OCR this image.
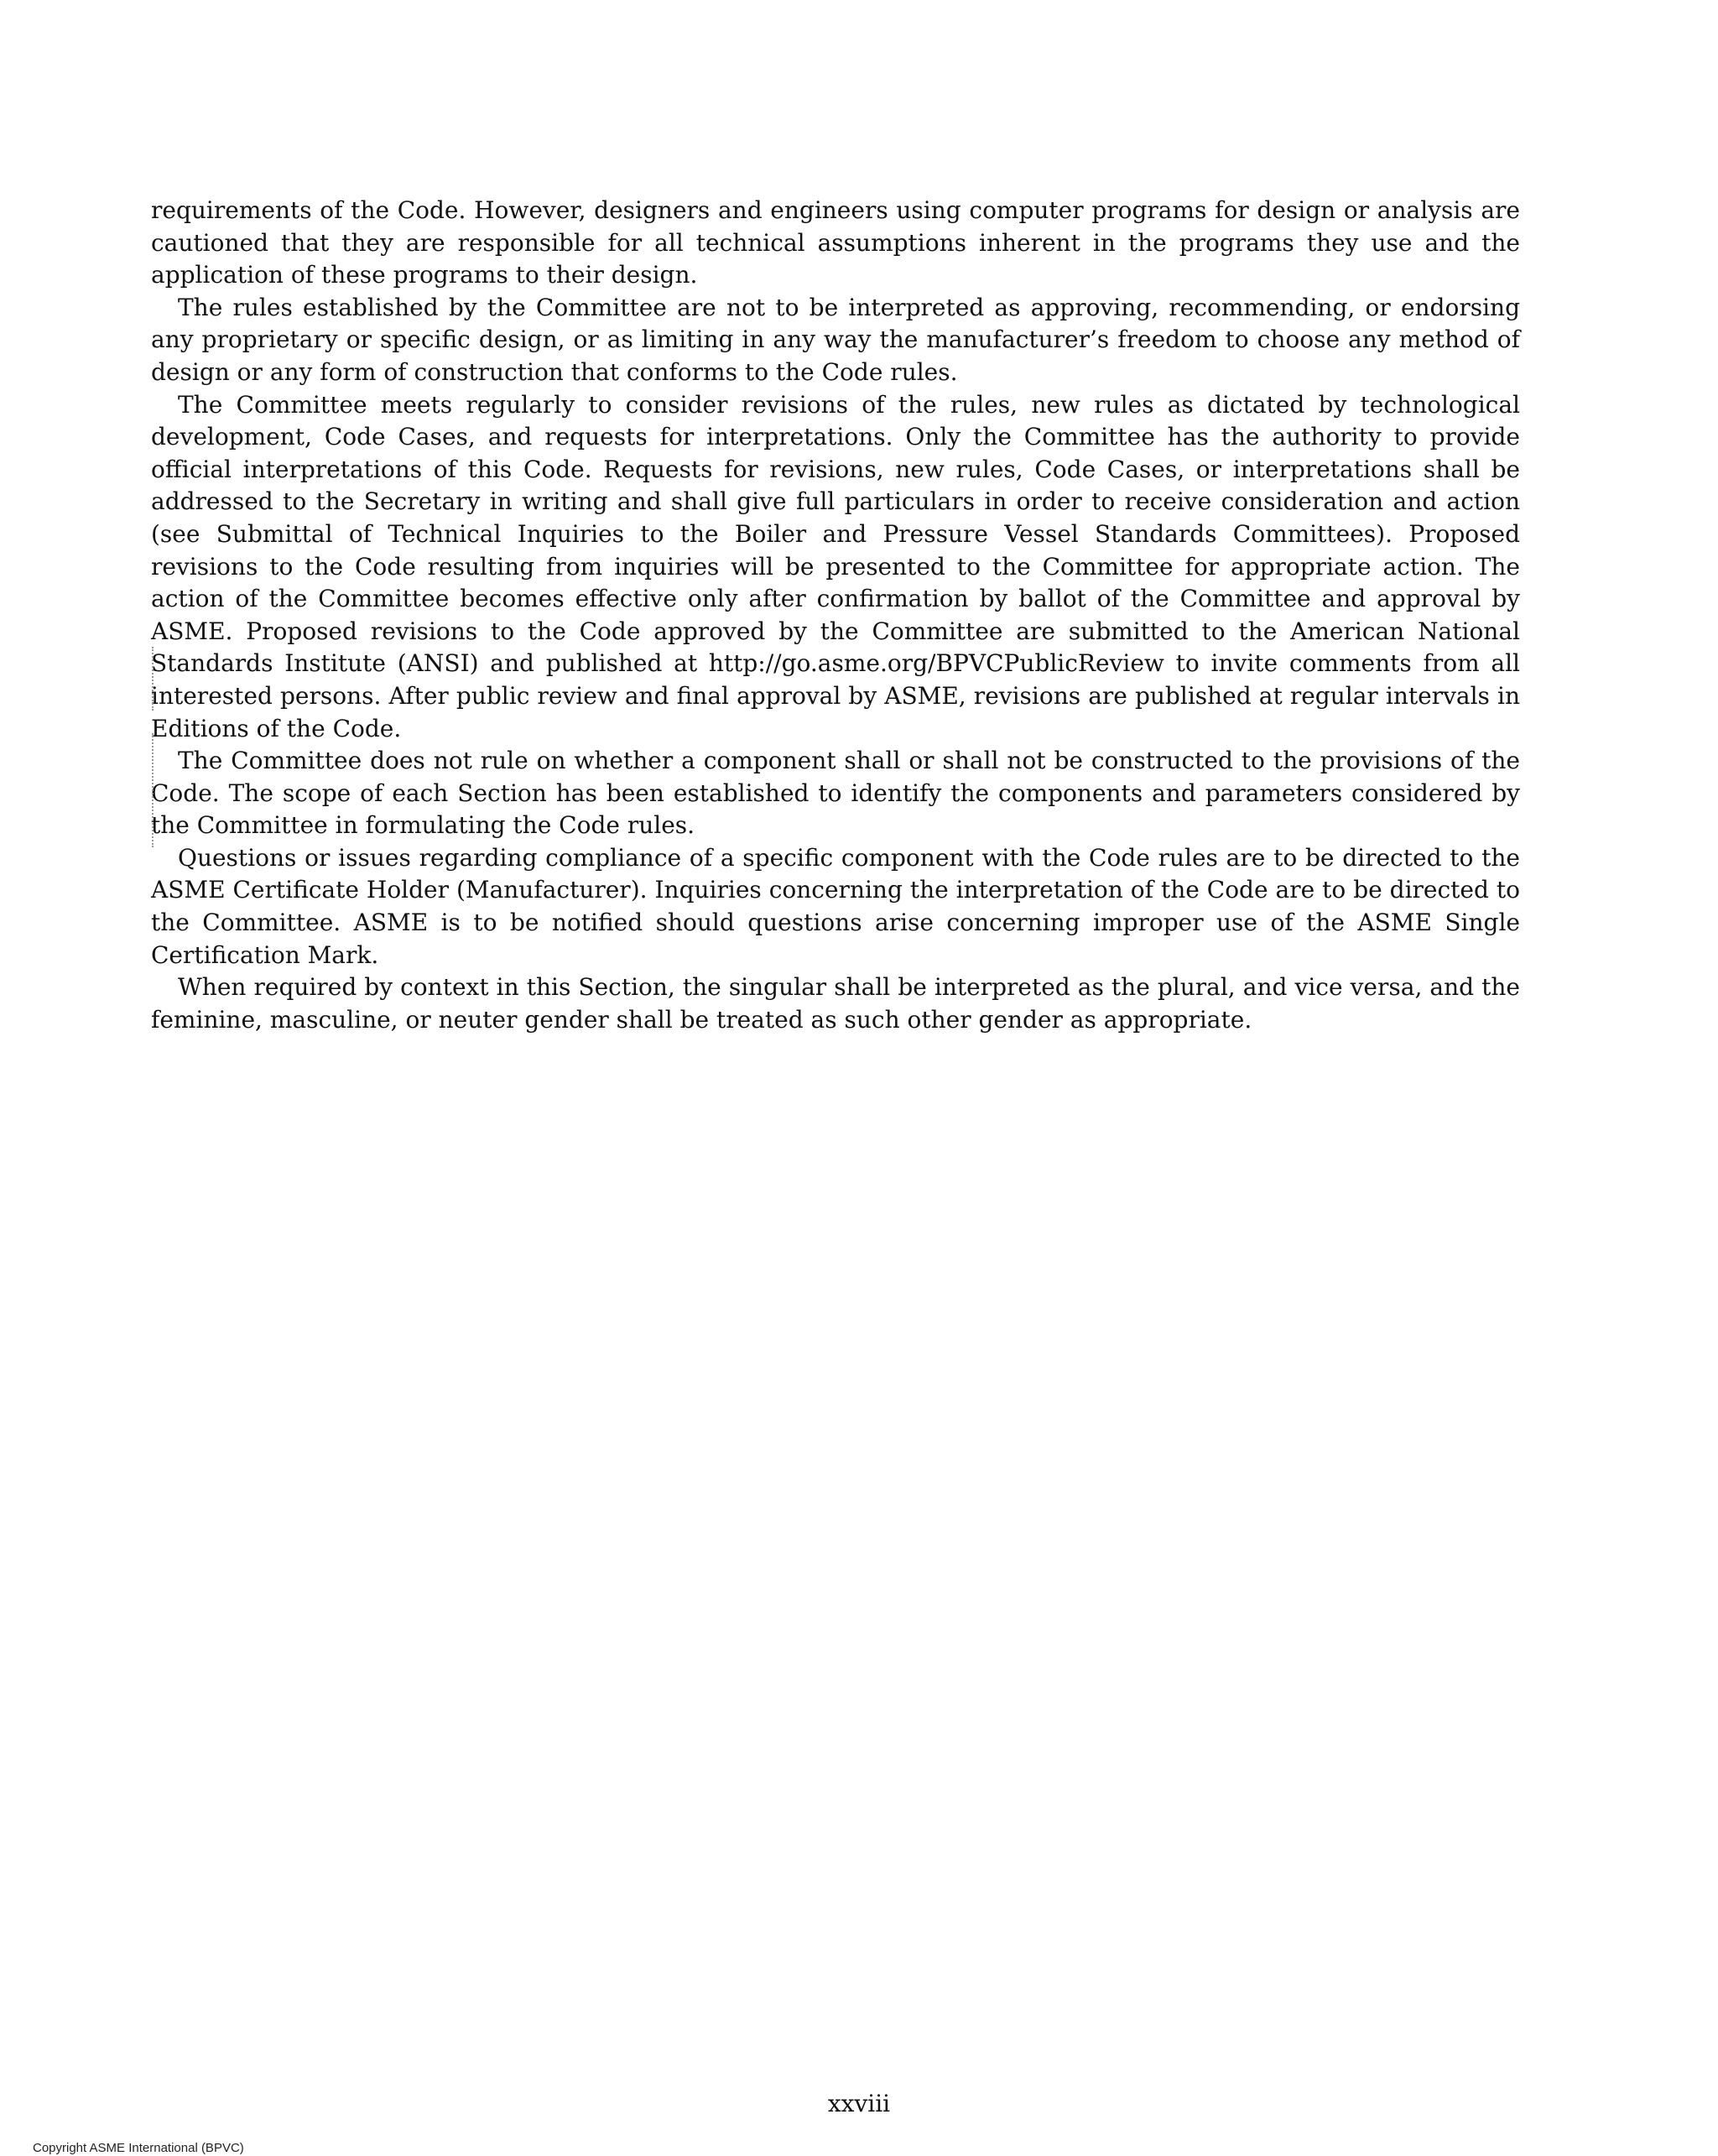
requirements of the Code. However, designers and engineers using computer programs for design or analysis are cautioned that they are responsible for all technical assumptions inherent in the programs they use and the application of these programs to their design.

The rules established by the Committee are not to be interpreted as approving, recommending, or endorsing any proprietary or specific design, or as limiting in any way the manufacturer’s freedom to choose any method of design or any form of construction that conforms to the Code rules.

The Committee meets regularly to consider revisions of the rules, new rules as dictated by technological development, Code Cases, and requests for interpretations. Only the Committee has the authority to provide official interpretations of this Code. Requests for revisions, new rules, Code Cases, or interpretations shall be addressed to the Secretary in writing and shall give full particulars in order to receive consideration and action (see Submittal of Technical Inquiries to the Boiler and Pressure Vessel Standards Committees). Proposed revisions to the Code resulting from inquiries will be presented to the Committee for appropriate action. The action of the Committee becomes effective only after confirmation by ballot of the Committee and approval by ASME. Proposed revisions to the Code approved by the Committee are submitted to the American National Standards Institute (ANSI) and published at http://go.asme.org/BPVCPublicReview to invite comments from all interested persons. After public review and final approval by ASME, revisions are published at regular intervals in Editions of the Code.

The Committee does not rule on whether a component shall or shall not be constructed to the provisions of the Code. The scope of each Section has been established to identify the components and parameters considered by the Committee in formulating the Code rules.

Questions or issues regarding compliance of a specific component with the Code rules are to be directed to the ASME Certificate Holder (Manufacturer). Inquiries concerning the interpretation of the Code are to be directed to the Committee. ASME is to be notified should questions arise concerning improper use of the ASME Single Certification Mark.

When required by context in this Section, the singular shall be interpreted as the plural, and vice versa, and the feminine, masculine, or neuter gender shall be treated as such other gender as appropriate.

xxviii
Copyright ASME International (BPVC)
